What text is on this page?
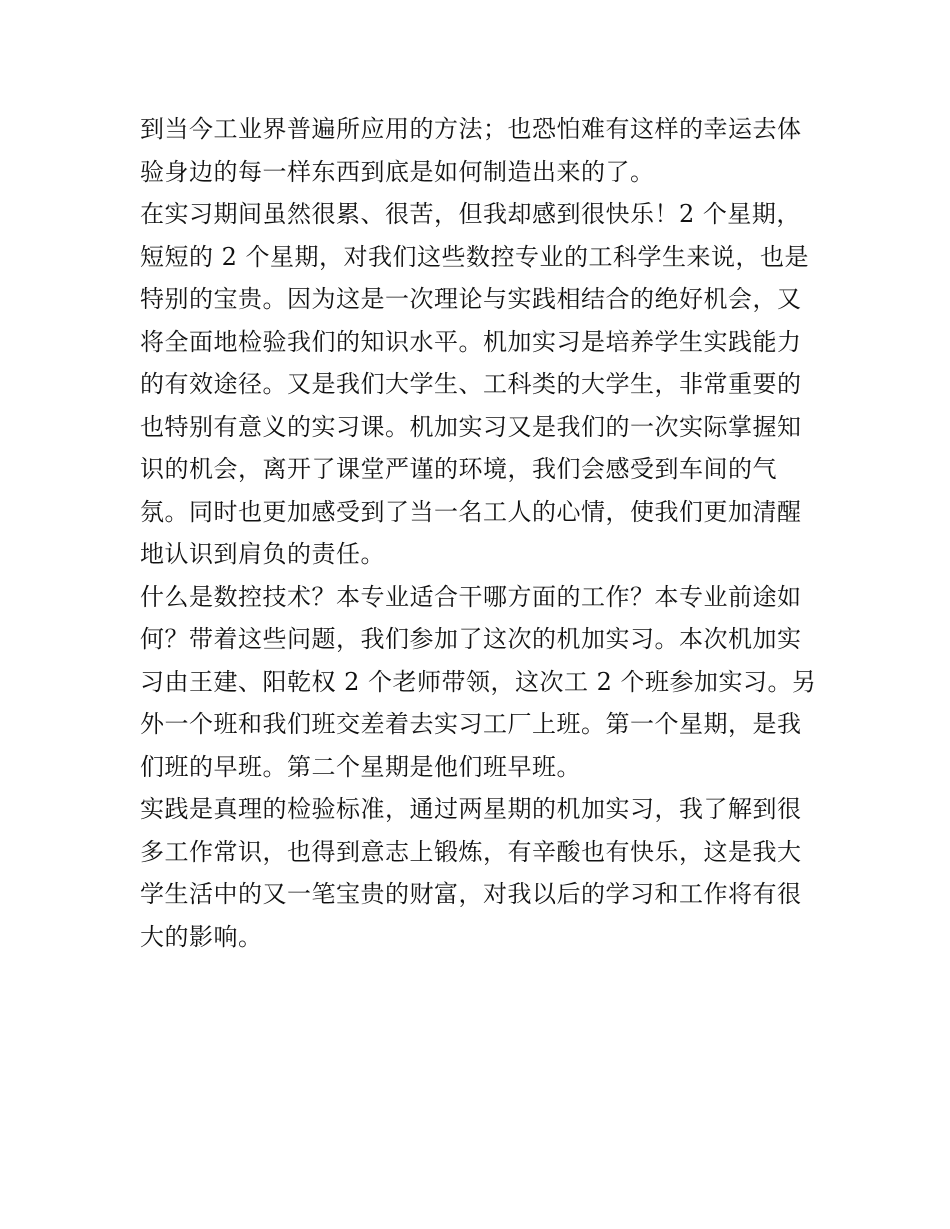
到当今工业界普遍所应用的方法；也恐怕难有这样的幸运去体
验身边的每一样东西到底是如何制造出来的了。
在实习期间虽然很累、很苦，但我却感到很快乐！2 个星期，
短短的 2 个星期，对我们这些数控专业的工科学生来说，也是
特别的宝贵。因为这是一次理论与实践相结合的绝好机会，又
将全面地检验我们的知识水平。机加实习是培养学生实践能力
的有效途径。又是我们大学生、工科类的大学生，非常重要的
也特别有意义的实习课。机加实习又是我们的一次实际掌握知
识的机会，离开了课堂严谨的环境，我们会感受到车间的气
氛。同时也更加感受到了当一名工人的心情，使我们更加清醒
地认识到肩负的责任。
什么是数控技术？本专业适合干哪方面的工作？本专业前途如
何？带着这些问题，我们参加了这次的机加实习。本次机加实
习由王建、阳乾权 2 个老师带领，这次工 2 个班参加实习。另
外一个班和我们班交差着去实习工厂上班。第一个星期，是我
们班的早班。第二个星期是他们班早班。
实践是真理的检验标准，通过两星期的机加实习，我了解到很
多工作常识，也得到意志上锻炼，有辛酸也有快乐，这是我大
学生活中的又一笔宝贵的财富，对我以后的学习和工作将有很
大的影响。
